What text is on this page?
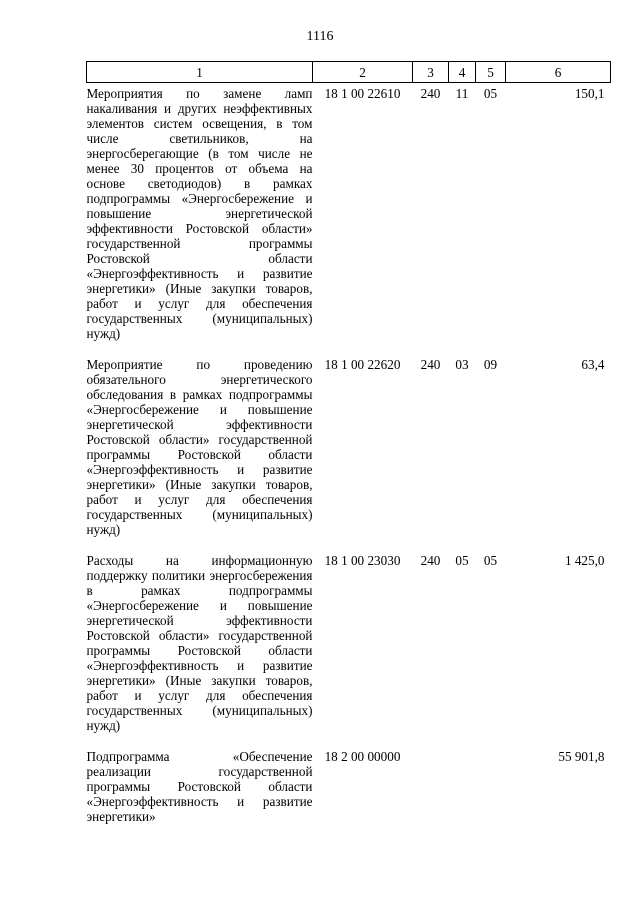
1116
1	2	3	4	5	6

Мероприятия по замене ламп накаливания и других неэффективных элементов систем освещения, в том числе светильников, на энергосберегающие (в том числе не менее 30 процентов от объема на основе светодиодов) в рамках подпрограммы «Энергосбережение и повышение энергетической эффективности Ростовской области» государственной программы Ростовской области «Энергоэффективность и развитие энергетики» (Иные закупки товаров, работ и услуг для обеспечения государственных (муниципальных) нужд)	18 1 00 22610	240	11	05	150,1

Мероприятие по проведению обязательного энергетического обследования в рамках подпрограммы «Энергосбережение и повышение энергетической эффективности Ростовской области» государственной программы Ростовской области «Энергоэффективность и развитие энергетики» (Иные закупки товаров, работ и услуг для обеспечения государственных (муниципальных) нужд)	18 1 00 22620	240	03	09	63,4

Расходы на информационную поддержку политики энергосбережения в рамках подпрограммы «Энергосбережение и повышение энергетической эффективности Ростовской области» государственной программы Ростовской области «Энергоэффективность и развитие энергетики» (Иные закупки товаров, работ и услуг для обеспечения государственных (муниципальных) нужд)	18 1 00 23030	240	05	05	1 425,0

Подпрограмма «Обеспечение реализации государственной программы Ростовской области «Энергоэффективность и развитие энергетики»	18 2 00 00000				55 901,8
